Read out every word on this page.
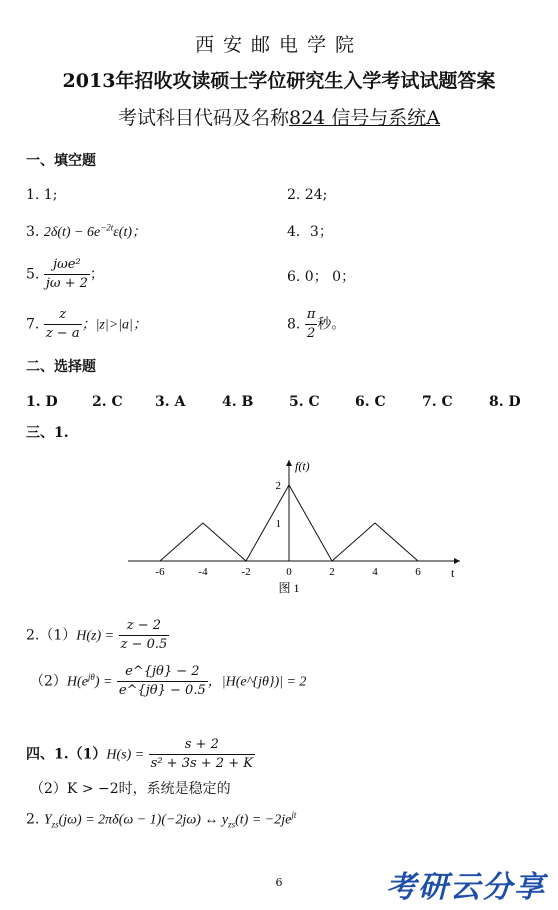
西安邮电学院
2013年招收攻读硕士学位研究生入学考试试题答案
考试科目代码及名称824 信号与系统A
一、填空题
1. 1;	2. 24;
3. $2\delta(t) - 6e^{-2t}\varepsilon(t)$；	4．3；
5. $\frac{\text{jωe²}}{j\omega + 2}$ ；	6. 0； 0；
7. $\frac{z}{z - a}$ ；|z|>|a|；	8. $\frac{\pi}{2}$ 秒。
二、选择题
1. D 2. C 3. A	4. B	5. C	6. C	7. C	8. D
三、1.
-6	-4	-2	0	2	4	6
1
2
f(t)
t
图 1
$2.(1)H(z) = \frac{z - 2}{z - 0.5}$
$(2)H(e^{j\theta}) = \frac{e\^{}\{j\theta\} - 2}{e\^{}\{j\theta\} - 0.5}$ ，|H(e^{jθ})| = 2
四、$1.(1)H(s) = \frac{s + 2}{\text{s² + 3s + 2 + K}}$
（2）K > −2时，系统是稳定的
2. $Y_{zs}(j\omega) = 2\pi\delta(\omega - 1)(-2j\omega)$ ↔ $y_{zs}(t) = -2je^{jt}$
6	考研云分享
